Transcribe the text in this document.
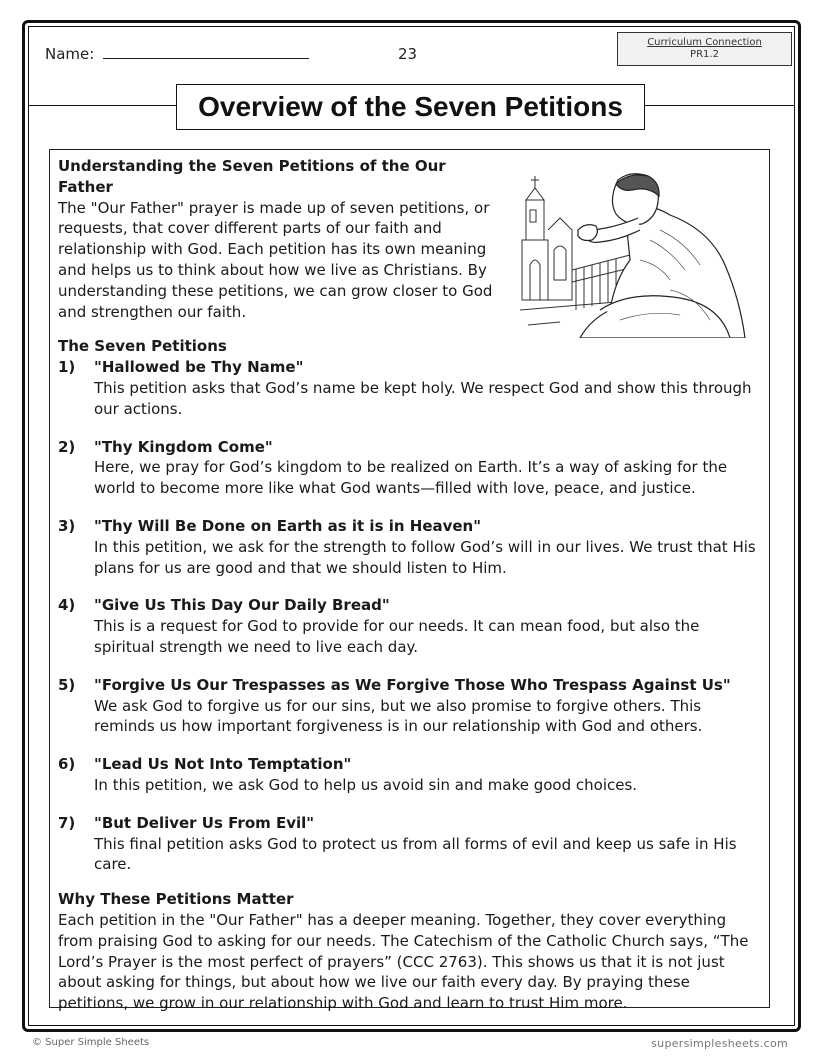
Name:	23
Curriculum Connection
PR1.2
Overview of the Seven Petitions
Understanding the Seven Petitions of the Our Father
The "Our Father" prayer is made up of seven petitions, or requests, that cover different parts of our faith and relationship with God. Each petition has its own meaning and helps us to think about how we live as Christians. By understanding these petitions, we can grow closer to God and strengthen our faith.
The Seven Petitions
1)	"Hallowed be Thy Name"
This petition asks that God’s name be kept holy. We respect God and show this through our actions.
2)	"Thy Kingdom Come"
Here, we pray for God’s kingdom to be realized on Earth. It’s a way of asking for the world to become more like what God wants—filled with love, peace, and justice.
3)	"Thy Will Be Done on Earth as it is in Heaven"
In this petition, we ask for the strength to follow God’s will in our lives. We trust that His plans for us are good and that we should listen to Him.
4)	"Give Us This Day Our Daily Bread"
This is a request for God to provide for our needs. It can mean food, but also the spiritual strength we need to live each day.
5)	"Forgive Us Our Trespasses as We Forgive Those Who Trespass Against Us"
We ask God to forgive us for our sins, but we also promise to forgive others. This reminds us how important forgiveness is in our relationship with God and others.
6)	"Lead Us Not Into Temptation"
In this petition, we ask God to help us avoid sin and make good choices.
7)	"But Deliver Us From Evil"
This final petition asks God to protect us from all forms of evil and keep us safe in His care.
Why These Petitions Matter
Each petition in the "Our Father" has a deeper meaning. Together, they cover everything from praising God to asking for our needs. The Catechism of the Catholic Church says, “The Lord’s Prayer is the most perfect of prayers” (CCC 2763). This shows us that it is not just about asking for things, but about how we live our faith every day. By praying these petitions, we grow in our relationship with God and learn to trust Him more.
© Super Simple Sheets	supersimplesheets.com
